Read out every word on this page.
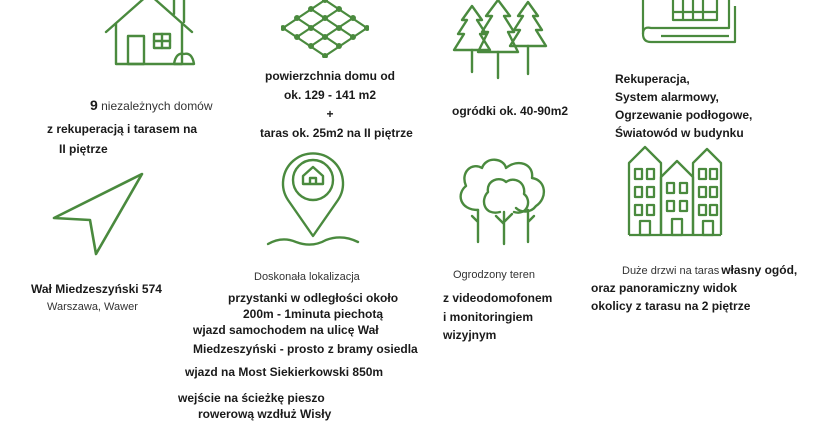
9 niezależnych domów
z rekuperacją i tarasem na
II piętrze
powierzchnia domu od
ok. 129 - 141 m2
+
taras ok. 25m2 na II piętrze
ogródki ok. 40-90m2
Rekuperacja,
System alarmowy,
Ogrzewanie podłogowe,
Światowód w budynku
Wał Miedzeszyński 574
Warszawa, Wawer
Doskonała lokalizacja
przystanki w odległości około
200m - 1minuta piechotą
wjazd samochodem na ulicę Wał
Miedzeszyński - prosto z bramy osiedla
wjazd na Most Siekierkowski 850m
wejście na ścieżkę pieszo
rowerową wzdłuż Wisły
Ogrodzony teren
z videodomofonem
i monitoringiem
wizyjnym
Duże drzwi na taras własny ogód,
oraz panoramiczny widok
okolicy z tarasu na 2 piętrze
